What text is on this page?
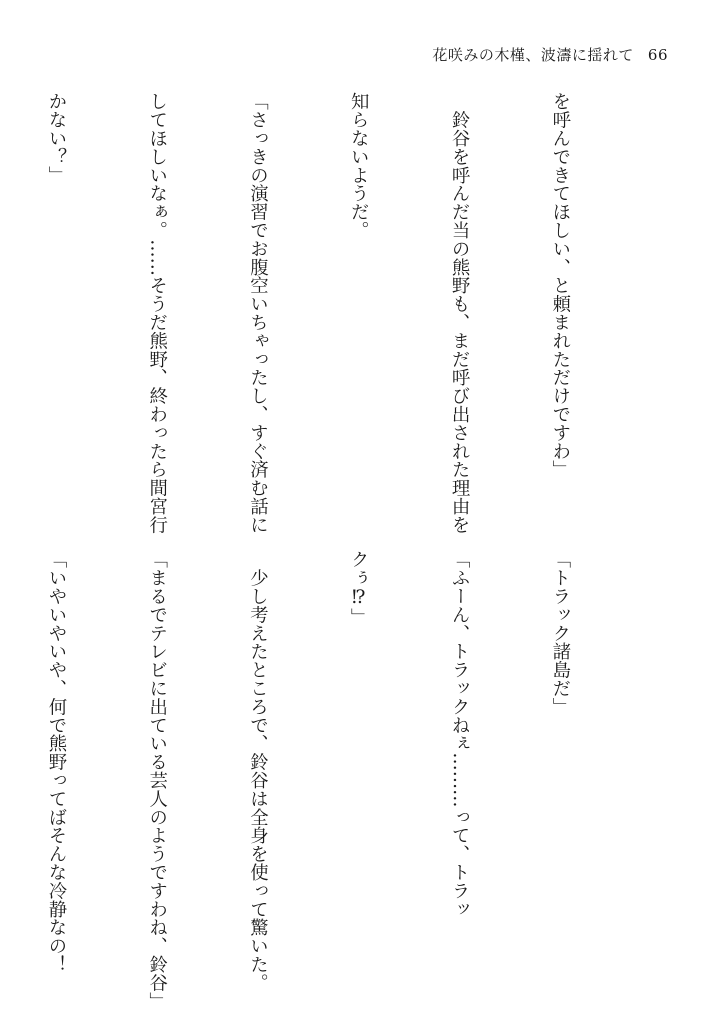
花咲みの木槿、波濤に揺れて 66

を呼んできてほしい、と頼まれただけですわ」

　鈴谷を呼んだ当の熊野も、まだ呼び出された理由を

知らないようだ。

「さっきの演習でお腹空いちゃったし、すぐ済む話に

してほしいなぁ。……そうだ熊野、終わったら間宮行

かない？」

「トラック諸島だ」

「ふーん、トラックねぇ………って、トラッ

クぅ⁉」

　少し考えたところで、鈴谷は全身を使って驚いた。

「まるでテレビに出ている芸人のようですわね、鈴谷」

「いやいやいや、何で熊野ってばそんな冷静なの！
